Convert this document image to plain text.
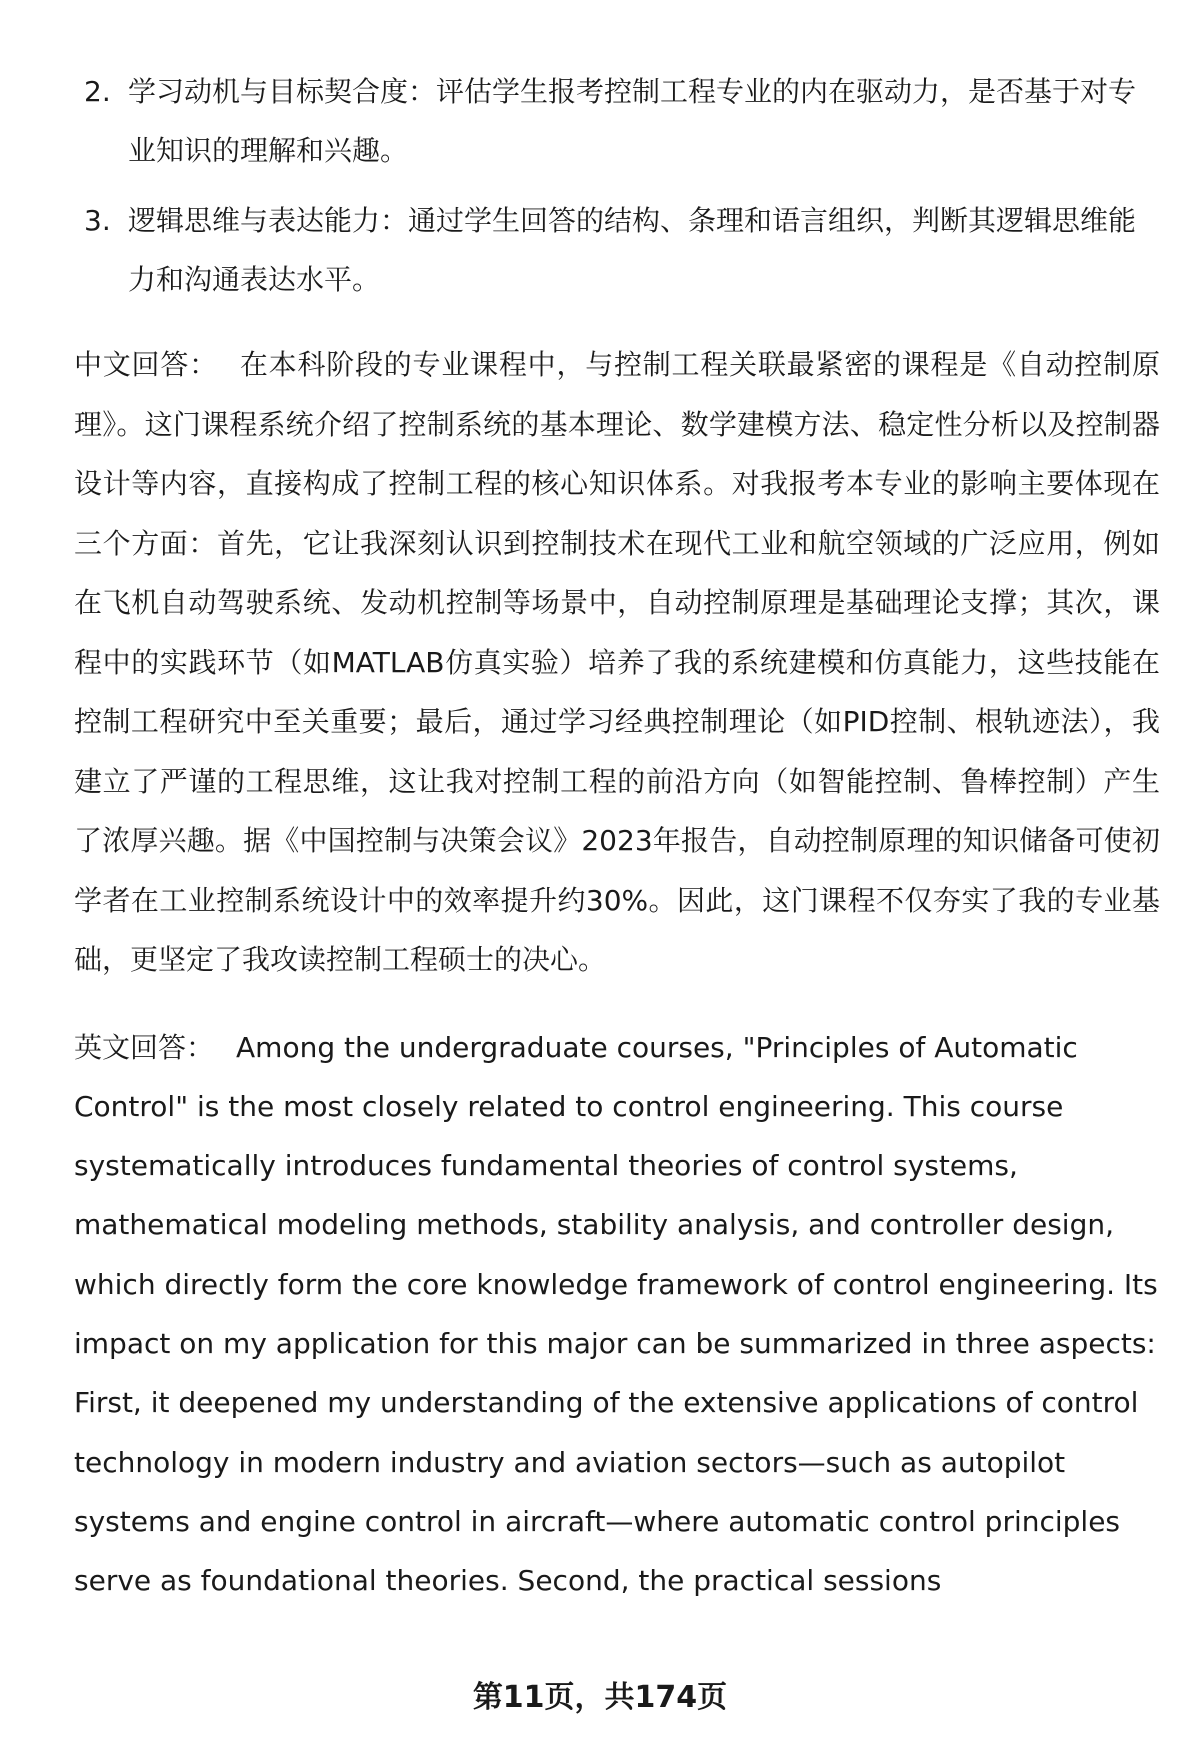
2. 学习动机与目标契合度：评估学生报考控制工程专业的内在驱动力，是否基于对专业知识的理解和兴趣。
3. 逻辑思维与表达能力：通过学生回答的结构、条理和语言组织，判断其逻辑思维能力和沟通表达水平。

中文回答： 在本科阶段的专业课程中，与控制工程关联最紧密的课程是《自动控制原理》。这门课程系统介绍了控制系统的基本理论、数学建模方法、稳定性分析以及控制器设计等内容，直接构成了控制工程的核心知识体系。对我报考本专业的影响主要体现在三个方面：首先，它让我深刻认识到控制技术在现代工业和航空领域的广泛应用，例如在飞机自动驾驶系统、发动机控制等场景中，自动控制原理是基础理论支撑；其次，课程中的实践环节（如MATLAB仿真实验）培养了我的系统建模和仿真能力，这些技能在控制工程研究中至关重要；最后，通过学习经典控制理论（如PID控制、根轨迹法），我建立了严谨的工程思维，这让我对控制工程的前沿方向（如智能控制、鲁棒控制）产生了浓厚兴趣。据《中国控制与决策会议》2023年报告，自动控制原理的知识储备可使初学者在工业控制系统设计中的效率提升约30%。因此，这门课程不仅夯实了我的专业基础，更坚定了我攻读控制工程硕士的决心。

英文回答： Among the undergraduate courses, "Principles of Automatic Control" is the most closely related to control engineering. This course systematically introduces fundamental theories of control systems, mathematical modeling methods, stability analysis, and controller design, which directly form the core knowledge framework of control engineering. Its impact on my application for this major can be summarized in three aspects: First, it deepened my understanding of the extensive applications of control technology in modern industry and aviation sectors—such as autopilot systems and engine control in aircraft—where automatic control principles serve as foundational theories. Second, the practical sessions

第11页，共174页
